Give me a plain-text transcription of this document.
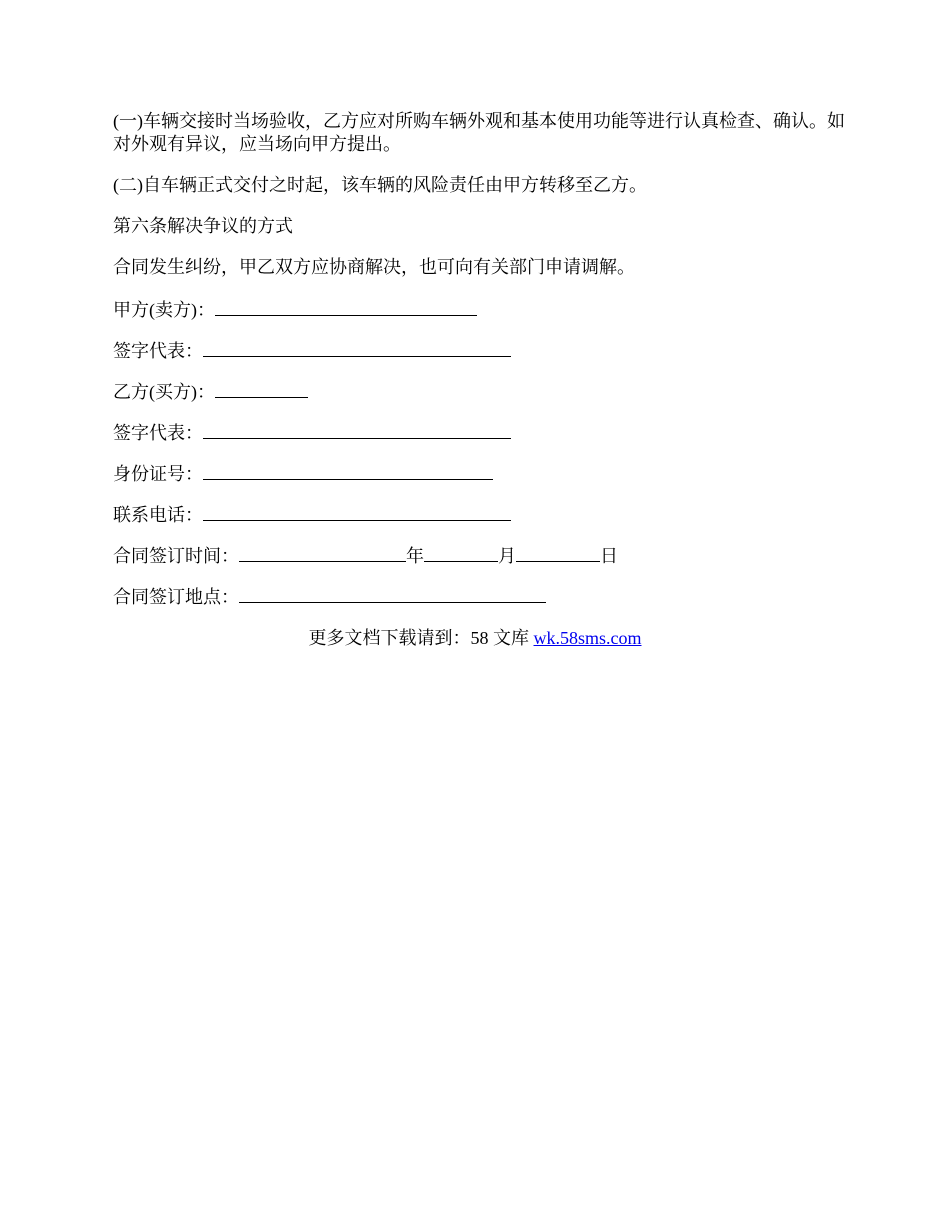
(一)车辆交接时当场验收，乙方应对所购车辆外观和基本使用功能等进行认真检查、确认。如对外观有异议，应当场向甲方提出。

(二)自车辆正式交付之时起，该车辆的风险责任由甲方转移至乙方。

第六条解决争议的方式

合同发生纠纷，甲乙双方应协商解决，也可向有关部门申请调解。

甲方(卖方)：

签字代表：

乙方(买方)：

签字代表：

身份证号：

联系电话：

合同签订时间：	年	月	日

合同签订地点：

更多文档下载请到：58 文库 wk.58sms.com
